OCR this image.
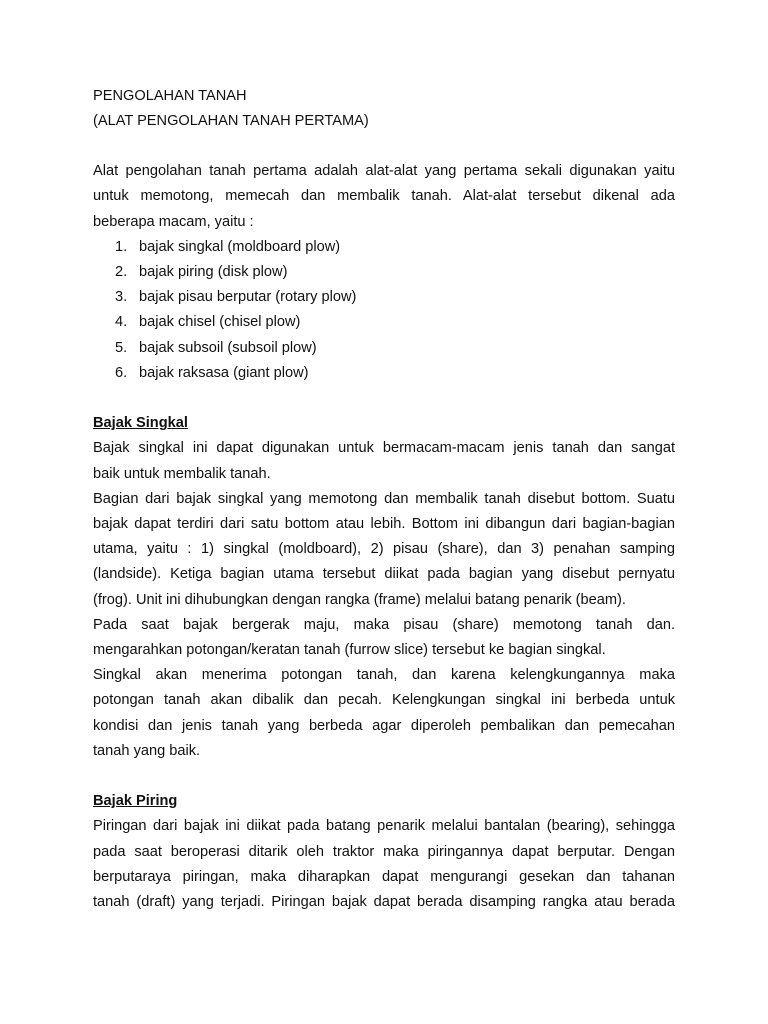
PENGOLAHAN TANAH

(ALAT PENGOLAHAN TANAH PERTAMA)

Alat pengolahan tanah pertama adalah alat-alat yang pertama sekali digunakan yaitu

untuk memotong, memecah dan membalik tanah. Alat-alat tersebut dikenal ada

beberapa macam, yaitu :

1. bajak singkal (moldboard plow)
2. bajak piring (disk plow)
3. bajak pisau berputar (rotary plow)
4. bajak chisel (chisel plow)
5. bajak subsoil (subsoil plow)
6. bajak raksasa (giant plow)

Bajak Singkal

Bajak singkal ini dapat digunakan untuk bermacam-macam jenis tanah dan sangat

baik untuk membalik tanah.

Bagian dari bajak singkal yang memotong dan membalik tanah disebut bottom. Suatu

bajak dapat terdiri dari satu bottom atau lebih. Bottom ini dibangun dari bagian-bagian

utama, yaitu : 1) singkal (moldboard), 2) pisau (share), dan 3) penahan samping

(landside). Ketiga bagian utama tersebut diikat pada bagian yang disebut pernyatu

(frog). Unit ini dihubungkan dengan rangka (frame) melalui batang penarik (beam).

Pada saat bajak bergerak maju, maka pisau (share) memotong tanah dan.

mengarahkan potongan/keratan tanah (furrow slice) tersebut ke bagian singkal.

Singkal akan menerima potongan tanah, dan karena kelengkungannya maka

potongan tanah akan dibalik dan pecah. Kelengkungan singkal ini berbeda untuk

kondisi dan jenis tanah yang berbeda agar diperoleh pembalikan dan pemecahan

tanah yang baik.

Bajak Piring

Piringan dari bajak ini diikat pada batang penarik melalui bantalan (bearing), sehingga

pada saat beroperasi ditarik oleh traktor maka piringannya dapat berputar. Dengan

berputaraya piringan, maka diharapkan dapat mengurangi gesekan dan tahanan

tanah (draft) yang terjadi. Piringan bajak dapat berada disamping rangka atau berada
